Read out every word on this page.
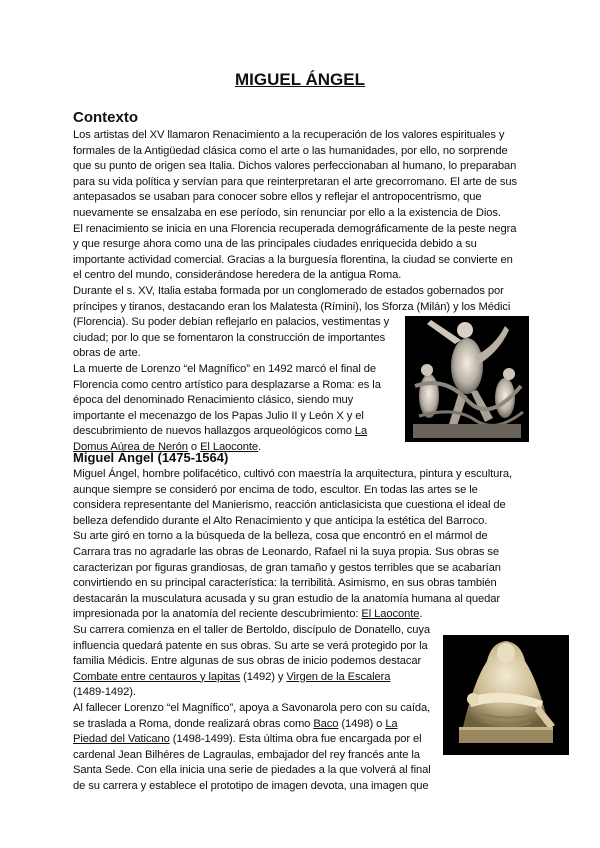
MIGUEL ÁNGEL
Contexto
Los artistas del XV llamaron Renacimiento a la recuperación de los valores espirituales y
formales de la Antigüedad clásica como el arte o las humanidades, por ello, no sorprende
que su punto de origen sea Italia. Dichos valores perfeccionaban al humano, lo preparaban
para su vida política y servían para que reinterpretaran el arte grecorromano. El arte de sus
antepasados se usaban para conocer sobre ellos y reflejar el antropocentrismo, que
nuevamente se ensalzaba en ese período, sin renunciar por ello a la existencia de Dios.
El renacimiento se inicia en una Florencia recuperada demográficamente de la peste negra
y que resurge ahora como una de las principales ciudades enriquecida debido a su
importante actividad comercial. Gracias a la burguesía florentina, la ciudad se convierte en
el centro del mundo, considerándose heredera de la antigua Roma.
Durante el s. XV, Italia estaba formada por un conglomerado de estados gobernados por
príncipes y tiranos, destacando eran los Malatesta (Rímini), los Sforza (Milán) y los Médici
(Florencia). Su poder debían reflejarlo en palacios, vestimentas y
ciudad; por lo que se fomentaron la construcción de importantes
obras de arte.
La muerte de Lorenzo “el Magnífico” en 1492 marcó el final de
Florencia como centro artístico para desplazarse a Roma: es la
época del denominado Renacimiento clásico, siendo muy
importante el mecenazgo de los Papas Julio II y León X y el
descubrimiento de nuevos hallazgos arqueológicos como La
Domus Aúrea de Nerón o El Laoconte.
Miguel Ángel (1475-1564)
Miguel Ángel, hombre polifacético, cultivó con maestría la arquitectura, pintura y escultura,
aunque siempre se consideró por encima de todo, escultor. En todas las artes se le
considera representante del Manierismo, reacción anticlasicista que cuestiona el ideal de
belleza defendido durante el Alto Renacimiento y que anticipa la estética del Barroco.
Su arte giró en torno a la búsqueda de la belleza, cosa que encontró en el mármol de
Carrara tras no agradarle las obras de Leonardo, Rafael ni la suya propia. Sus obras se
caracterizan por figuras grandiosas, de gran tamaño y gestos terribles que se acabarían
convirtiendo en su principal característica: la terribilità. Asimismo, en sus obras también
destacarán la musculatura acusada y su gran estudio de la anatomía humana al quedar
impresionada por la anatomía del reciente descubrimiento: El Laoconte.
Su carrera comienza en el taller de Bertoldo, discípulo de Donatello, cuya
influencia quedará patente en sus obras. Su arte se verá protegido por la
familia Médicis. Entre algunas de sus obras de inicio podemos destacar
Combate entre centauros y lapitas (1492) y Virgen de la Escalera
(1489-1492).
Al fallecer Lorenzo “el Magnífico”, apoya a Savonarola pero con su caída,
se traslada a Roma, donde realizará obras como Baco (1498) o La
Piedad del Vaticano (1498-1499). Esta última obra fue encargada por el
cardenal Jean Bilhéres de Lagraulas, embajador del rey francés ante la
Santa Sede. Con ella inicia una serie de piedades a la que volverá al final
de su carrera y establece el prototipo de imagen devota, una imagen que
